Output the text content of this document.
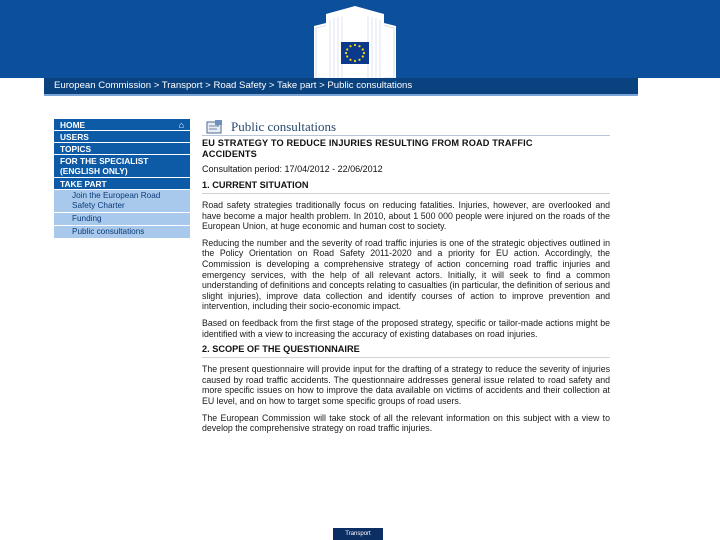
European Commission > Transport > Road Safety > Take part > Public consultations
HOME	⌂
USERS
TOPICS
FOR THE SPECIALIST
(ENGLISH ONLY)
TAKE PART
Join the European Road
Safety Charter
Funding
Public consultations
Public consultations
EU STRATEGY TO REDUCE INJURIES RESULTING FROM ROAD TRAFFIC
ACCIDENTS
Consultation period: 17/04/2012 - 22/06/2012
1. CURRENT SITUATION

Road safety strategies traditionally focus on reducing fatalities. Injuries, however, are overlooked and have become a major health problem. In 2010, about 1 500 000 people were injured on the roads of the European Union, at huge economic and human cost to society.

Reducing the number and the severity of road traffic injuries is one of the strategic objectives outlined in the Policy Orientation on Road Safety 2011-2020 and a priority for EU action. Accordingly, the Commission is developing a comprehensive strategy of action concerning road traffic injuries and emergency services, with the help of all relevant actors. Initially, it will seek to find a common understanding of definitions and concepts relating to casualties (in particular, the definition of serious and slight injuries), improve data collection and identify courses of action to improve prevention and intervention, including their socio-economic impact.

Based on feedback from the first stage of the proposed strategy, specific or tailor-made actions might be identified with a view to increasing the accuracy of existing databases on road injuries.

2. SCOPE OF THE QUESTIONNAIRE

The present questionnaire will provide input for the drafting of a strategy to reduce the severity of injuries caused by road traffic accidents. The questionnaire addresses general issue related to road safety and more specific issues on how to improve the data available on victims of accidents and their collection at EU level, and on how to target some specific groups of road users.

The European Commission will take stock of all the relevant information on this subject with a view to develop the comprehensive strategy on road traffic injuries.

Transport
